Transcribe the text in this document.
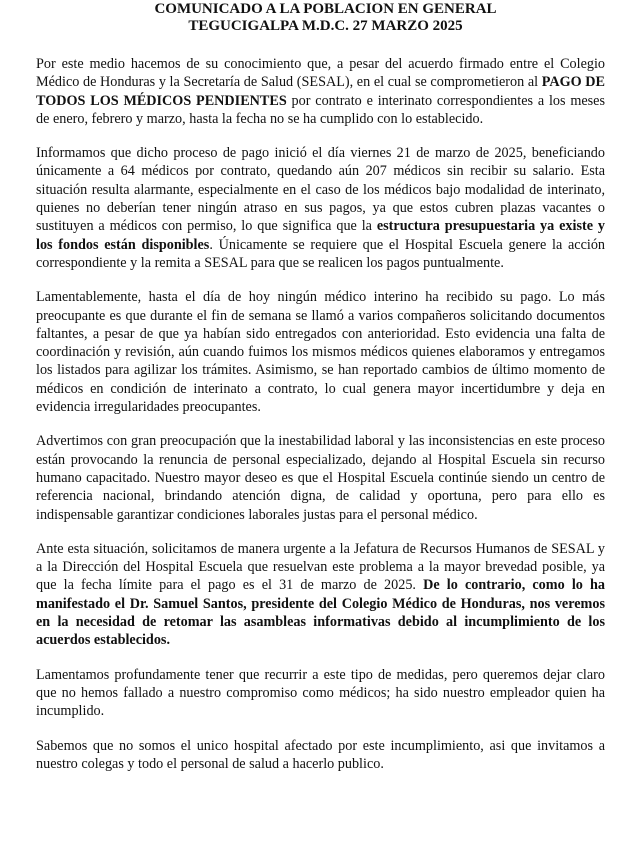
COMUNICADO A LA POBLACION EN GENERAL
TEGUCIGALPA M.D.C. 27 MARZO 2025

Por este medio hacemos de su conocimiento que, a pesar del acuerdo firmado entre el Colegio Médico de Honduras y la Secretaría de Salud (SESAL), en el cual se comprometieron al PAGO DE TODOS LOS MÉDICOS PENDIENTES por contrato e interinato correspondientes a los meses de enero, febrero y marzo, hasta la fecha no se ha cumplido con lo establecido.

Informamos que dicho proceso de pago inició el día viernes 21 de marzo de 2025, beneficiando únicamente a 64 médicos por contrato, quedando aún 207 médicos sin recibir su salario. Esta situación resulta alarmante, especialmente en el caso de los médicos bajo modalidad de interinato, quienes no deberían tener ningún atraso en sus pagos, ya que estos cubren plazas vacantes o sustituyen a médicos con permiso, lo que significa que la estructura presupuestaria ya existe y los fondos están disponibles. Únicamente se requiere que el Hospital Escuela genere la acción correspondiente y la remita a SESAL para que se realicen los pagos puntualmente.

Lamentablemente, hasta el día de hoy ningún médico interino ha recibido su pago. Lo más preocupante es que durante el fin de semana se llamó a varios compañeros solicitando documentos faltantes, a pesar de que ya habían sido entregados con anterioridad. Esto evidencia una falta de coordinación y revisión, aún cuando fuimos los mismos médicos quienes elaboramos y entregamos los listados para agilizar los trámites. Asimismo, se han reportado cambios de último momento de médicos en condición de interinato a contrato, lo cual genera mayor incertidumbre y deja en evidencia irregularidades preocupantes.

Advertimos con gran preocupación que la inestabilidad laboral y las inconsistencias en este proceso están provocando la renuncia de personal especializado, dejando al Hospital Escuela sin recurso humano capacitado. Nuestro mayor deseo es que el Hospital Escuela continúe siendo un centro de referencia nacional, brindando atención digna, de calidad y oportuna, pero para ello es indispensable garantizar condiciones laborales justas para el personal médico.

Ante esta situación, solicitamos de manera urgente a la Jefatura de Recursos Humanos de SESAL y a la Dirección del Hospital Escuela que resuelvan este problema a la mayor brevedad posible, ya que la fecha límite para el pago es el 31 de marzo de 2025. De lo contrario, como lo ha manifestado el Dr. Samuel Santos, presidente del Colegio Médico de Honduras, nos veremos en la necesidad de retomar las asambleas informativas debido al incumplimiento de los acuerdos establecidos.

Lamentamos profundamente tener que recurrir a este tipo de medidas, pero queremos dejar claro que no hemos fallado a nuestro compromiso como médicos; ha sido nuestro empleador quien ha incumplido.

Sabemos que no somos el unico hospital afectado por este incumplimiento, asi que invitamos a nuestro colegas y todo el personal de salud a hacerlo publico.
